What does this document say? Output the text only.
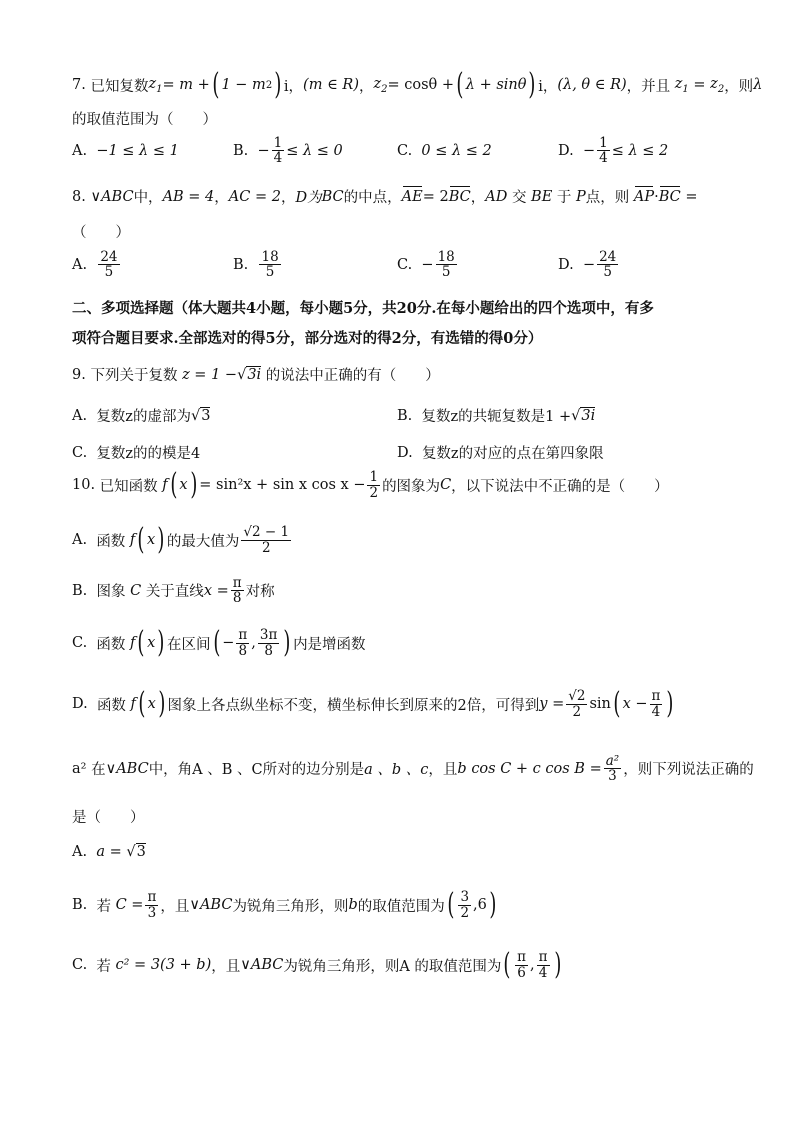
7.
已知复数 $z_1 = m$ + ( 1 − m 2 ) i， (m ∈ R) ， $z_2 = \cos\theta$ + ( λ + sinθ ) i， (λ, θ ∈ R) ，并且 $z_1 = z_2$ ，则 λ
的取值范围为（　　）
A.
−1 ≤ λ ≤ 1	B.
− $\frac{1}{4} \le \lambda \le 0$	C.
0 ≤ λ ≤ 2	D.
− $\frac{1}{4} \le \lambda \le 2$
8.
∨ABC 中， AB = 4 ， AC = 2 ， D为 BC 的中点， AE = 2 BC ， AD
交
BE
于
P 点，则
AP · BC
=
（　　）
A.
$\frac{24}{5}$	B.
$\frac{18}{5}$	C.
− $\frac{18}{5}$	D.
− $\frac{24}{5}$
二、多项选择题（体大题共4小题，每小题5分，共20分.在每小题给出的四个选项中，有多
项符合题目要求.全部选对的得5分，部分选对的得2分，有选错的得0分）
9.
下列关于复数
z = 1 − √ 3i
的说法中正确的有（　　）
A.
复数z的虚部为 √ 3	B.
复数z的共轭复数是1 + √ 3i
C.
复数z的的模是4	D.
复数z的对应的点在第四象限
10.
已知函数
f ( x ) = sin²x + sin x $\cos x - \frac{1}{2}$ 的图象为 C ，以下说法中不正确的是（　　）
A.
函数 f ( x ) 的最大值为 $\frac{√2 - 1}{2}$
B.
图象
C
关于直线 $x = \frac{\pi}{8}$ 对称
C.
函数 f ( x ) 在区间 ( − $\frac{\pi}{8}$ , $\frac{3\pi}{8}$ ) 内是增函数
D.
函数 f ( x ) 图象上各点纵坐标不变，横坐标伸长到原来的2倍，可得到 $y = \frac{√2}{2}$ sin ( $x - \frac{\pi}{4}$ )
a²
在 ∨ABC 中，角A 、B 、C所对的边分别是 a 、b 、c ，且 b cos C + c $\cos B = \frac{\text{a²}}{3}$ ，则下列说法正确的
是（　　）
A.
a =
√ 3
B.
若
$C = \frac{\pi}{3}$ ，且 ∨ABC 为锐角三角形，则 b 的取值范围为 ( $\frac{3}{2}$ , 6 )
C.
若
c² = 3(3 + b) ，且 ∨ABC 为锐角三角形，则A 的取值范围为 ( $\frac{\pi}{6}$ , $\frac{\pi}{4}$ )
